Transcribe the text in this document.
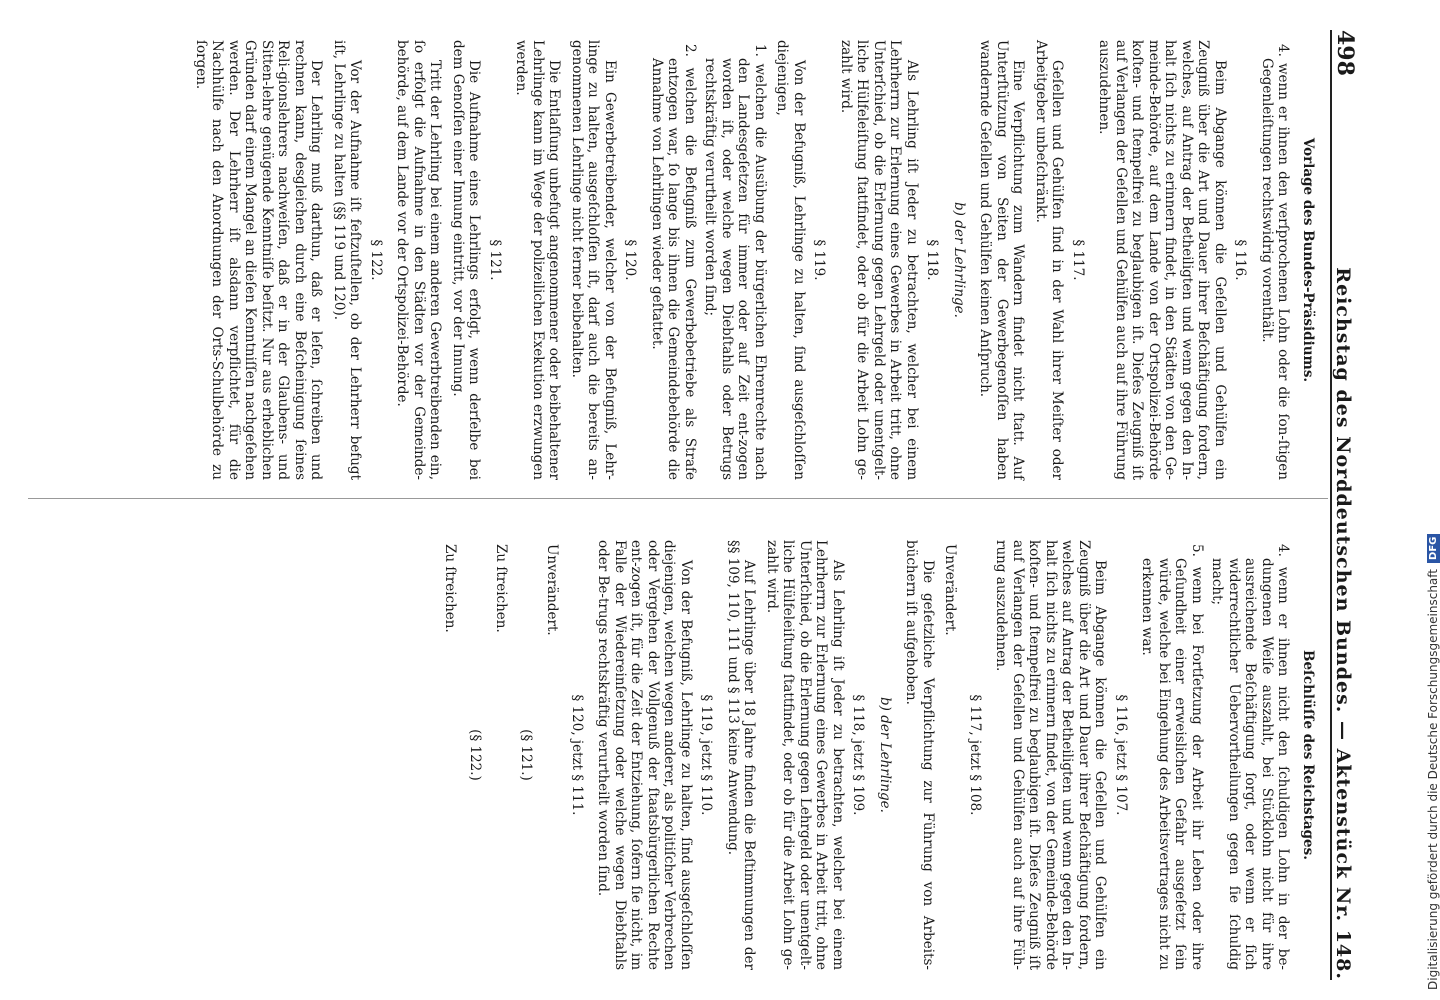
498
Reichstag des Norddeutschen Bundes. — Aktenstück Nr. 148.
Vorlage des Bundes-Präsidiums.
4. wenn er ihnen den verſprochenen Lohn oder die ſon‐ſtigen Gegenleiſtungen rechtswidrig vorenthält.
§ 116.
Beim Abgange können die Geſellen und Gehülfen ein Zeugniß über die Art und Dauer ihrer Beſchäftigung fordern, welches, auf Antrag der Betheiligten und wenn gegen den In‐halt ſich nichts zu erinnern findet, in den Städten von den Ge‐meinde‐Behörde, auf dem Lande von der Ortspolizei‐Behörde koſten‐ und ſtempelfrei zu beglaubigen iſt. Dieſes Zeugniß iſt auf Verlangen der Geſellen und Gehülfen auch auf ihre Führung auszudehnen.
§ 117.
Geſellen und Gehülfen ſind in der Wahl ihrer Meiſter oder Arbeitgeber unbeſchränkt.
Eine Verpflichtung zum Wandern findet nicht ſtatt. Auf Unterſtützung von Seiten der Gewerbegenoſſen haben wandernde Geſellen und Gehülfen keinen Anſpruch.
b) der Lehrlinge.
§ 118.
Als Lehrling iſt Jeder zu betrachten, welcher bei einem Lehrherrn zur Erlernung eines Gewerbes in Arbeit tritt, ohne Unterſchied, ob die Erlernung gegen Lehrgeld oder unentgelt‐liche Hülfeleiſtung ſtattfindet, oder ob für die Arbeit Lohn ge‐zahlt wird.
§ 119.
Von der Befugniß, Lehrlinge zu halten, ſind ausgeſchloſſen diejenigen,
1. welchen die Ausübung der bürgerlichen Ehrenrechte nach den Landesgeſetzen für immer oder auf Zeit ent‐zogen worden iſt, oder welche wegen Diebſtahls oder Betrugs rechtskräftig verurtheilt worden ſind;
2. welchen die Befugniß zum Gewerbebetriebe als Strafe entzogen war, ſo lange bis ihnen die Gemeindebehörde die Annahme von Lehrlingen wieder geſtattet.
§ 120.
Ein Gewerbetreibender, welcher von der Befugniß, Lehr‐linge zu halten, ausgeſchloſſen iſt, darf auch die bereits an‐genommenen Lehrlinge nicht ferner beibehalten.
Die Entlaſſung unbefugt angenommener oder beibehaltener Lehrlinge kann im Wege der polizeilichen Exekution erzwungen werden.
§ 121.
Die Aufnahme eines Lehrlings erfolgt, wenn derſelbe bei dem Genoſſen einer Innung eintritt, vor der Innung.
Tritt der Lehrling bei einem anderen Gewerbtreibenden ein, ſo erfolgt die Aufnahme in den Städten vor der Gemeinde‐behörde, auf dem Lande vor der Ortspolizei‐Behörde.
§ 122.
Vor der Aufnahme iſt feſtzuſtellen, ob der Lehrherr befugt iſt, Lehrlinge zu halten (§§ 119 und 120).
Der Lehrling muß darthun, daß er leſen, ſchreiben und rechnen kann, desgleichen durch eine Beſcheinigung ſeines Reli‐gionslehrers nachweiſen, daß er in der Glaubens‐ und Sitten‐lehre genügende Kenntniſſe beſitzt. Nur aus erheblichen Gründen darf einem Mangel an dieſen Kenntniſſen nachgeſehen werden. Der Lehrherr iſt alsdann verpflichtet, für die Nachhülfe nach den Anordnungen der Orts‐Schulbehörde zu ſorgen.
Beſchlüſſe des Reichstages.
4. wenn er ihnen nicht den ſchuldigen Lohn in der be‐dungenen Weiſe auszahlt, bei Stücklohn nicht für ihre ausreichende Beſchäftigung ſorgt, oder wenn er ſich widerrechtlicher Uebervortheilungen gegen ſie ſchuldig macht;
5. wenn bei Fortſetzung der Arbeit ihr Leben oder ihre Geſundheit einer erweislichen Gefahr ausgeſetzt ſein würde, welche bei Eingehung des Arbeitsvertrages nicht zu erkennen war.
§ 116, jetzt § 107.
Beim Abgange können die Geſellen und Gehülfen ein Zeugniß über die Art und Dauer ihrer Beſchäftigung fordern, welches auf Antrag der Betheiligten und wenn gegen den In‐halt ſich nichts zu erinnern findet, von der Gemeinde‐Behörde koſten‐ und ſtempelfrei zu beglaubigen iſt. Dieſes Zeugniß iſt auf Verlangen der Geſellen und Gehülfen auch auf ihre Füh‐rung auszudehnen.
§ 117, jetzt § 108.
Unverändert.
Die geſetzliche Verpflichtung zur Führung von Arbeits‐büchern iſt aufgehoben.
b) der Lehrlinge.
§ 118, jetzt § 109.
Als Lehrling iſt Jeder zu betrachten, welcher bei einem Lehrherrn zur Erlernung eines Gewerbes in Arbeit tritt, ohne Unterſchied, ob die Erlernung gegen Lehrgeld oder unentgelt‐liche Hülfeleiſtung ſtattfindet, oder ob für die Arbeit Lohn ge‐zahlt wird.
Auf Lehrlinge über 18 Jahre finden die Beſtimmungen der §§ 109, 110, 111 und § 113 keine Anwendung.
§ 119, jetzt § 110.
Von der Befugniß, Lehrlinge zu halten, ſind ausgeſchloſſen diejenigen, welchen wegen anderer, als politiſcher Verbrechen oder Vergehen der Vollgenuß der ſtaatsbürgerlichen Rechte ent‐zogen iſt, für die Zeit der Entziehung, ſofern ſie nicht, im Falle der Wiedereinſetzung oder welche wegen Diebſtahls oder Be‐trugs rechtskräftig verurtheilt worden ſind.
§ 120, jetzt § 111.
Unverändert.
(§ 121.)
Zu ſtreichen.
(§ 122.)
Zu ſtreichen.	Digitalisierung gefördert durch die Deutsche Forschungsgemeinschaft
DFG
